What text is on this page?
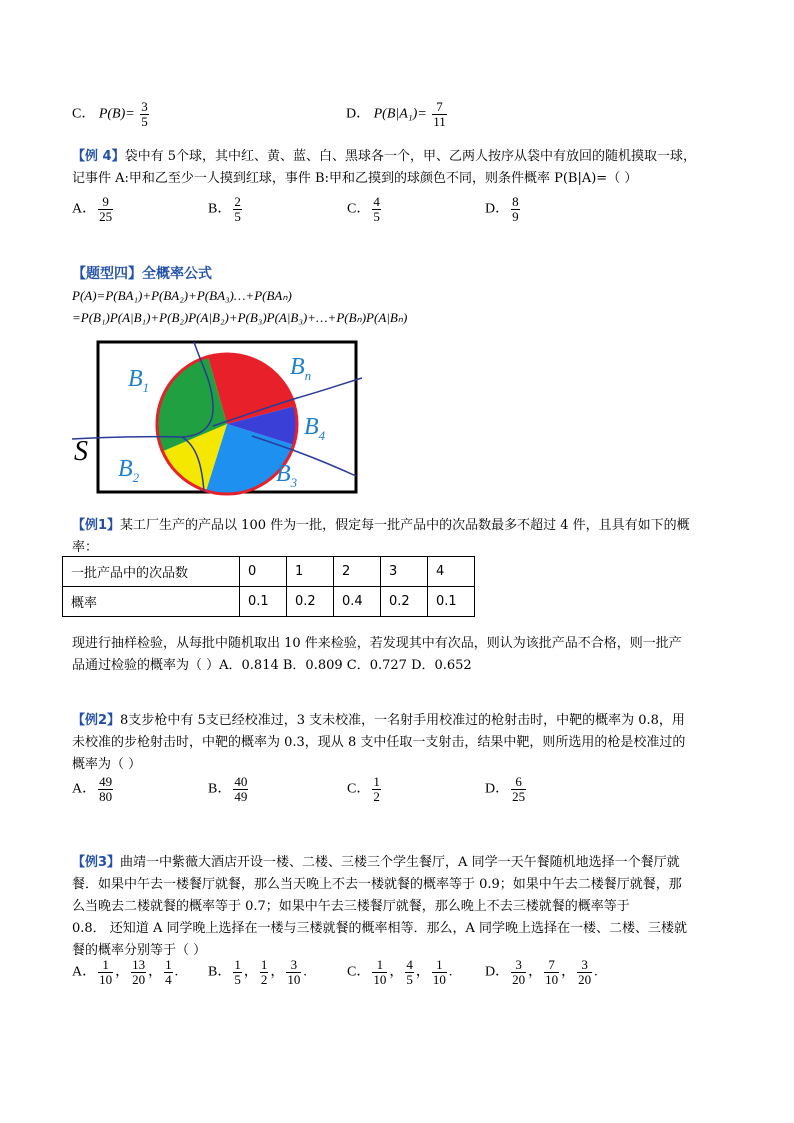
C． $P(B)= \frac{3}{5}$	D． $P(B|A_1)= \frac{7}{11}$

【例 4】袋中有 5个球，其中红、黄、蓝、白、黑球各一个，甲、乙两人按序从袋中有放回的随机摸取一球，

记事件 A:甲和乙至少一人摸到红球，事件 B:甲和乙摸到的球颜色不同，则条件概率 P(B|A)=（ ）

A． $\frac{9}{25}$	B． $\frac{2}{5}$	C． $\frac{4}{5}$	D． $\frac{8}{9}$
【题型四】全概率公式
P(A)=P(BA₁)+P(BA₂)+P(BA₃)…+P(BAₙ)
=P(B₁)P(A|B₁)+P(B₂)P(A|B₂)+P(B₃)P(A|B₃)+…+P(Bₙ)P(A|Bₙ)
$B_1$
$B_n$
$B_4$
$B_2$	$B_3$
S

【例1】某工厂生产的产品以 100 件为一批，假定每一批产品中的次品数最多不超过 4 件，且具有如下的概

率：

一批产品中的次品数	0	1	2	3	4
概率	0.1	0.2	0.4	0.2	0.1

现进行抽样检验，从每批中随机取出 10 件来检验，若发现其中有次品，则认为该批产品不合格，则一批产

品通过检验的概率为（ ）A．0.814 B．0.809 C．0.727 D．0.652

【例2】8支步枪中有 5支已经校准过，3 支未校准，一名射手用校准过的枪射击时，中靶的概率为 0.8，用

未校准的步枪射击时，中靶的概率为 0.3，现从 8 支中任取一支射击，结果中靶，则所选用的枪是校准过的

概率为（ ）

A． $\frac{49}{80}$	B． $\frac{40}{49}$	C． $\frac{1}{2}$	D． $\frac{6}{25}$

【例3】曲靖一中紫薇大酒店开设一楼、二楼、三楼三个学生餐厅，A 同学一天午餐随机地选择一个餐厅就

餐．如果中午去一楼餐厅就餐，那么当天晚上不去一楼就餐的概率等于 0.9；如果中午去二楼餐厅就餐，那

么当晚去二楼就餐的概率等于 0.7；如果中午去三楼餐厅就餐，那么晚上不去三楼就餐的概率等于

0.8． 还知道 A 同学晚上选择在一楼与三楼就餐的概率相等．那么，A 同学晚上选择在一楼、二楼、三楼就

餐的概率分别等于（ ）

A． $\frac{1}{10}$ ， $\frac{13}{20}$ ， $\frac{1}{4}$ . B． $\frac{1}{5}$ ， $\frac{1}{2}$ ， $\frac{3}{10}$ .	C． $\frac{1}{10}$ ， $\frac{4}{5}$ ， $\frac{1}{10}$ . D． $\frac{3}{20}$ ， $\frac{7}{10}$ ， $\frac{3}{20}$ .
